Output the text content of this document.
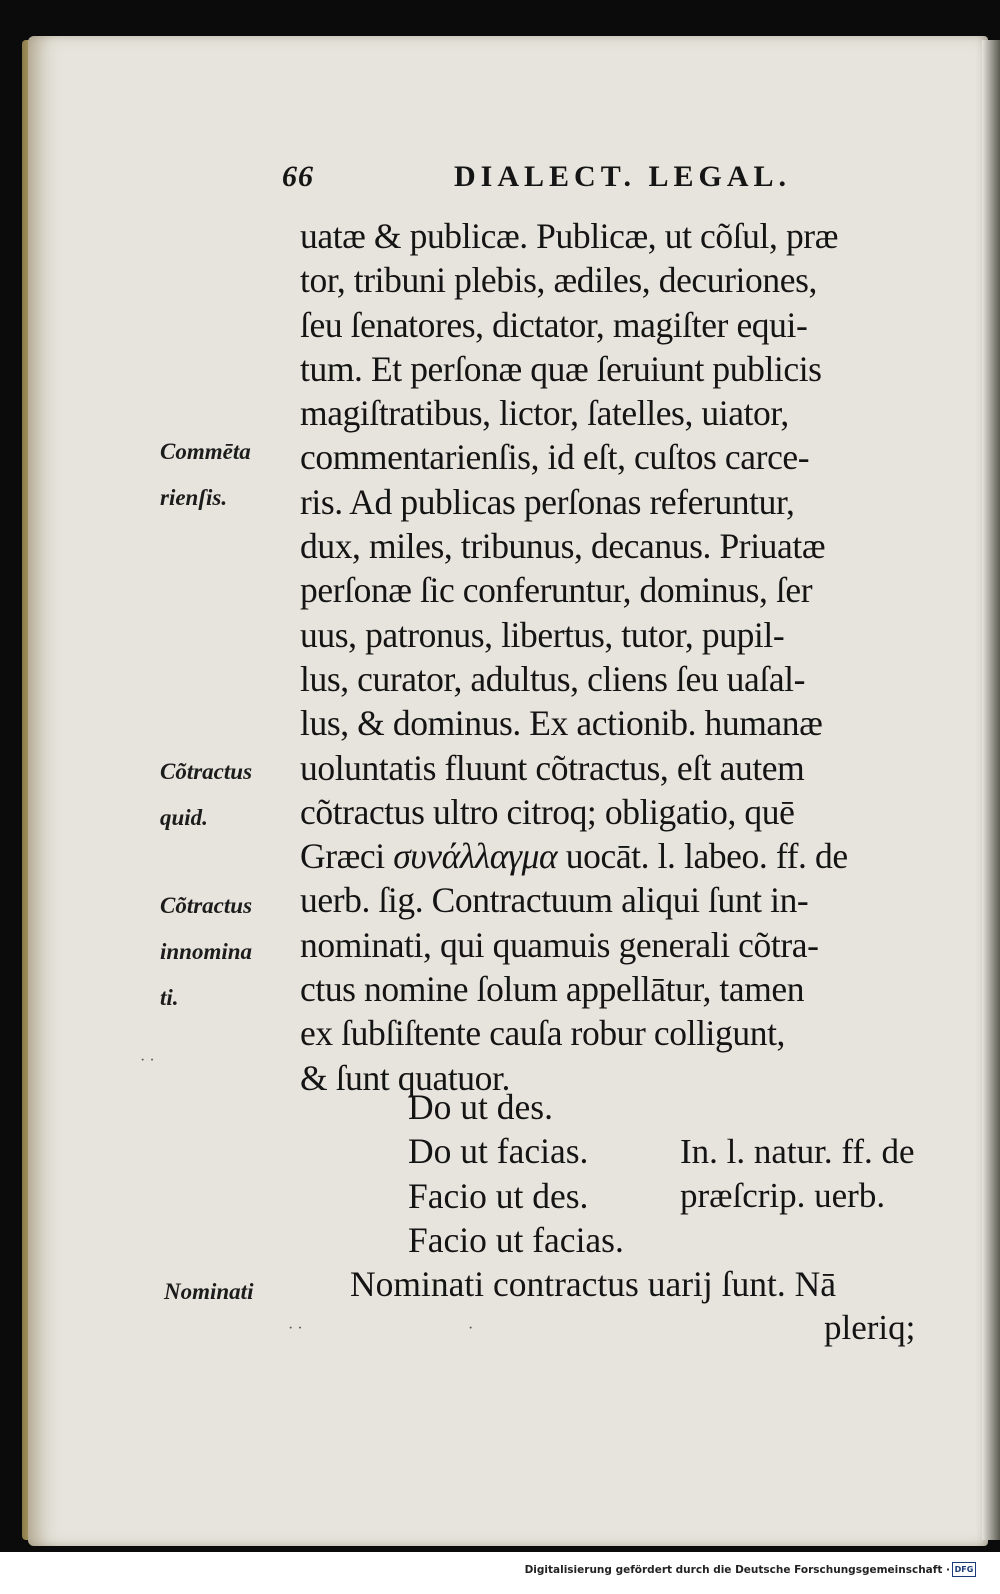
66	DIALECT. LEGAL.
uatæ & publicæ. Publicæ, ut cõſul, præ
tor, tribuni plebis, ædiles, decuriones,
ſeu ſenatores, dictator, magiſter equi-
tum. Et perſonæ quæ ſeruiunt publicis
magiſtratibus, lictor, ſatelles, uiator,
commentarienſis, id eſt, cuſtos carce-
ris. Ad publicas perſonas referuntur,
dux, miles, tribunus, decanus. Priuatæ
perſonæ ſic conferuntur, dominus, ſer
uus, patronus, libertus, tutor, pupil-
lus, curator, adultus, cliens ſeu uaſal-
lus, & dominus. Ex actionib. humanæ
uoluntatis fluunt cõtractus, eſt autem
cõtractus ultro citroq; obligatio, quē
Græci συνάλλαγμα uocāt. l. labeo. ff. de
uerb. ſig. Contractuum aliqui ſunt in-
nominati, qui quamuis generali cõtra-
ctus nomine ſolum appellātur, tamen
ex ſubſiſtente cauſa robur colligunt,
& ſunt quatuor.
Do ut des.
Do ut facias.
Facio ut des.
Facio ut facias.
In. l. natur. ff. de
præſcrip. uerb.
Nominati contractus uarij ſunt. Nā
pleriq;
Commēta
rienſis.
Cõtractus
quid.
Cõtractus
innomina
ti.
Nominati
· ·
· ·	·
Digitalisierung gefördert durch die Deutsche Forschungsgemeinschaft · DFG
